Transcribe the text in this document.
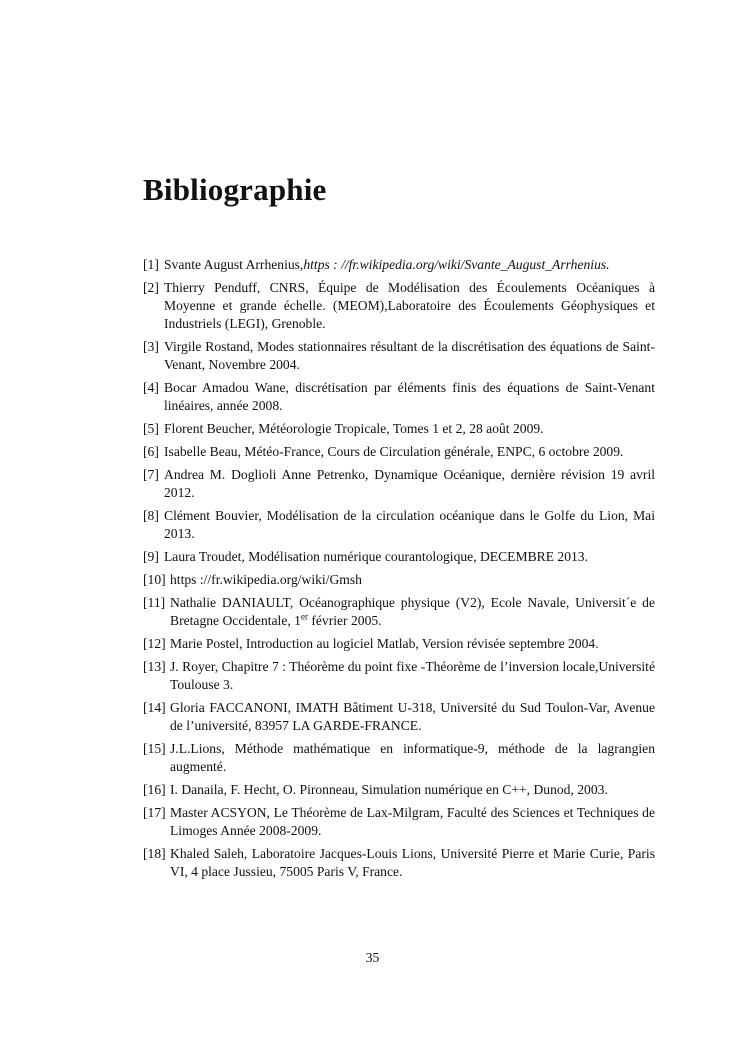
Bibliographie
[1] Svante August Arrhenius,https : //fr.wikipedia.org/wiki/Svante_August_Arrhenius.
[2] Thierry Penduff, CNRS, Équipe de Modélisation des Écoulements Océaniques à Moyenne et grande échelle. (MEOM),Laboratoire des Écoulements Géophysiques et Industriels (LEGI), Grenoble.
[3] Virgile Rostand, Modes stationnaires résultant de la discrétisation des équations de Saint-Venant, Novembre 2004.
[4] Bocar Amadou Wane, discrétisation par éléments finis des équations de Saint-Venant linéaires, année 2008.
[5] Florent Beucher, Météorologie Tropicale, Tomes 1 et 2, 28 août 2009.
[6] Isabelle Beau, Météo-France, Cours de Circulation générale, ENPC, 6 octobre 2009.
[7] Andrea M. Doglioli Anne Petrenko, Dynamique Océanique, dernière révision 19 avril 2012.
[8] Clément Bouvier, Modélisation de la circulation océanique dans le Golfe du Lion, Mai 2013.
[9] Laura Troudet, Modélisation numérique courantologique, DECEMBRE 2013.
[10] https ://fr.wikipedia.org/wiki/Gmsh
[11] Nathalie DANIAULT, Océanographique physique (V2), Ecole Navale, Universit´e de Bretagne Occidentale, 1er février 2005.
[12] Marie Postel, Introduction au logiciel Matlab, Version révisée septembre 2004.
[13] J. Royer, Chapitre 7 : Théorème du point fixe -Théorème de l’inversion locale,Université Toulouse 3.
[14] Gloria FACCANONI, IMATH Bâtiment U-318, Université du Sud Toulon-Var, Avenue de l’université, 83957 LA GARDE-FRANCE.
[15] J.L.Lions, Méthode mathématique en informatique-9, méthode de la lagrangien augmenté.
[16] I. Danaila, F. Hecht, O. Pironneau, Simulation numérique en C++, Dunod, 2003.
[17] Master ACSYON, Le Théorème de Lax-Milgram, Faculté des Sciences et Techniques de Limoges Année 2008-2009.
[18] Khaled Saleh, Laboratoire Jacques-Louis Lions, Université Pierre et Marie Curie, Paris VI, 4 place Jussieu, 75005 Paris V, France.
35
